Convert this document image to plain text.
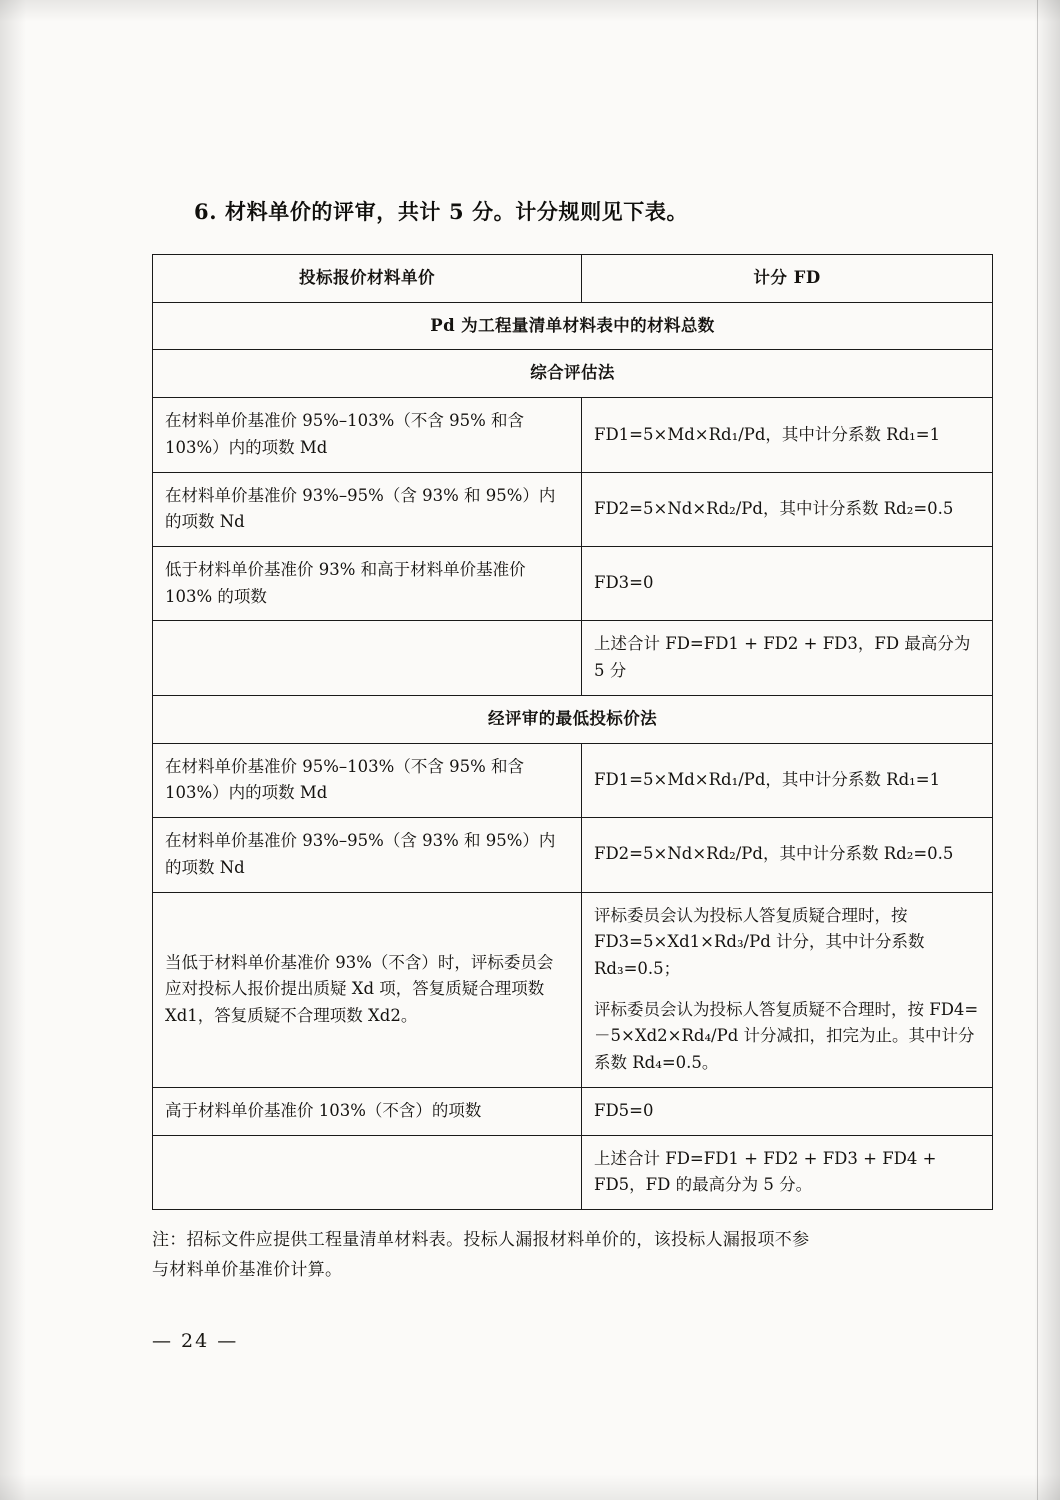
6. 材料单价的评审，共计 5 分。计分规则见下表。
投标报价材料单价	计分 FD
Pd 为工程量清单材料表中的材料总数	
综合评估法	
在材料单价基准价 95%–103%（不含 95% 和含 103%）内的项数 Md	FD1=5×Md×Rd₁/Pd，其中计分系数 Rd₁=1
在材料单价基准价 93%–95%（含 93% 和 95%）内的项数 Nd	FD2=5×Nd×Rd₂/Pd，其中计分系数 Rd₂=0.5
低于材料单价基准价 93% 和高于材料单价基准价 103% 的项数	FD3=0
	上述合计 FD=FD1 + FD2 + FD3，FD 最高分为 5 分
经评审的最低投标价法	
在材料单价基准价 95%–103%（不含 95% 和含 103%）内的项数 Md	FD1=5×Md×Rd₁/Pd，其中计分系数 Rd₁=1
在材料单价基准价 93%–95%（含 93% 和 95%）内的项数 Nd	FD2=5×Nd×Rd₂/Pd，其中计分系数 Rd₂=0.5
当低于材料单价基准价 93%（不含）时，评标委员会应对投标人报价提出质疑 Xd 项，答复质疑合理项数 Xd1，答复质疑不合理项数 Xd2。	评标委员会认为投标人答复质疑合理时，按 FD3=5×Xd1×Rd₃/Pd 计分，其中计分系数 Rd₃=0.5；

评标委员会认为投标人答复质疑不合理时，按 FD4=－5×Xd2×Rd₄/Pd 计分减扣，扣完为止。其中计分系数 Rd₄=0.5。

高于材料单价基准价 103%（不含）的项数	FD5=0
	上述合计 FD=FD1 + FD2 + FD3 + FD4 + FD5，FD 的最高分为 5 分。
注：招标文件应提供工程量清单材料表。投标人漏报材料单价的，该投标人漏报项不参
与材料单价基准价计算。
— 24 —
